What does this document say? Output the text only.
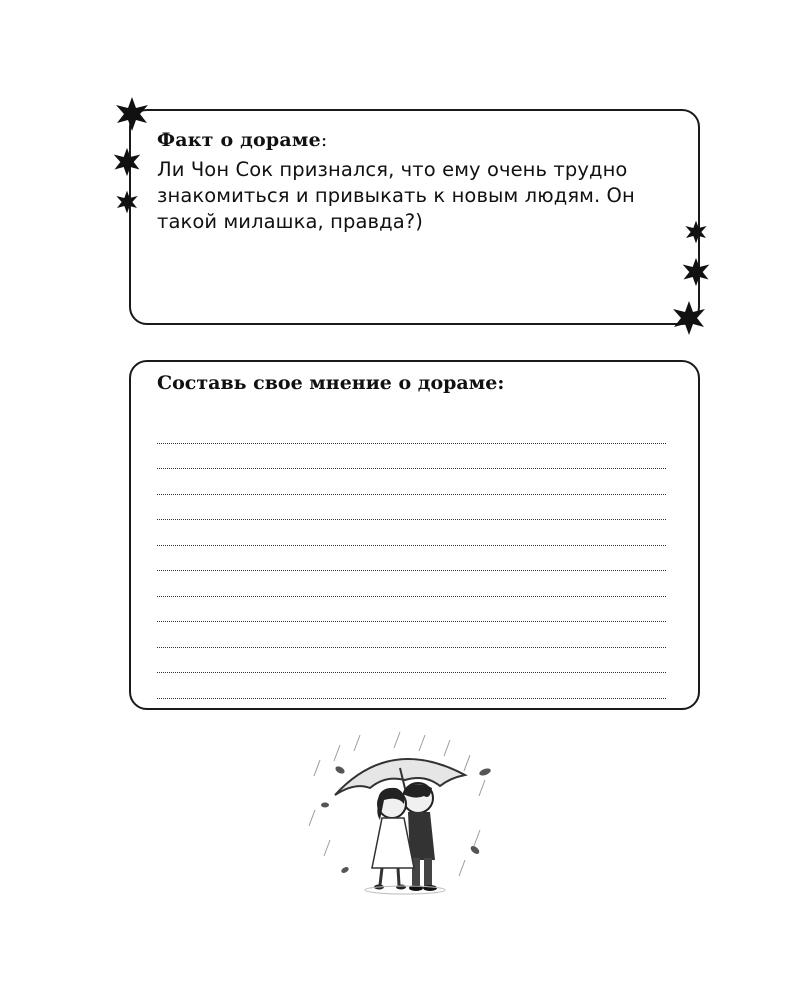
Факт о дораме:
Ли Чон Сок признался, что ему очень трудно знакомиться и привыкать к новым людям. Он такой милашка, правда?)
Составь свое мнение о дораме:
